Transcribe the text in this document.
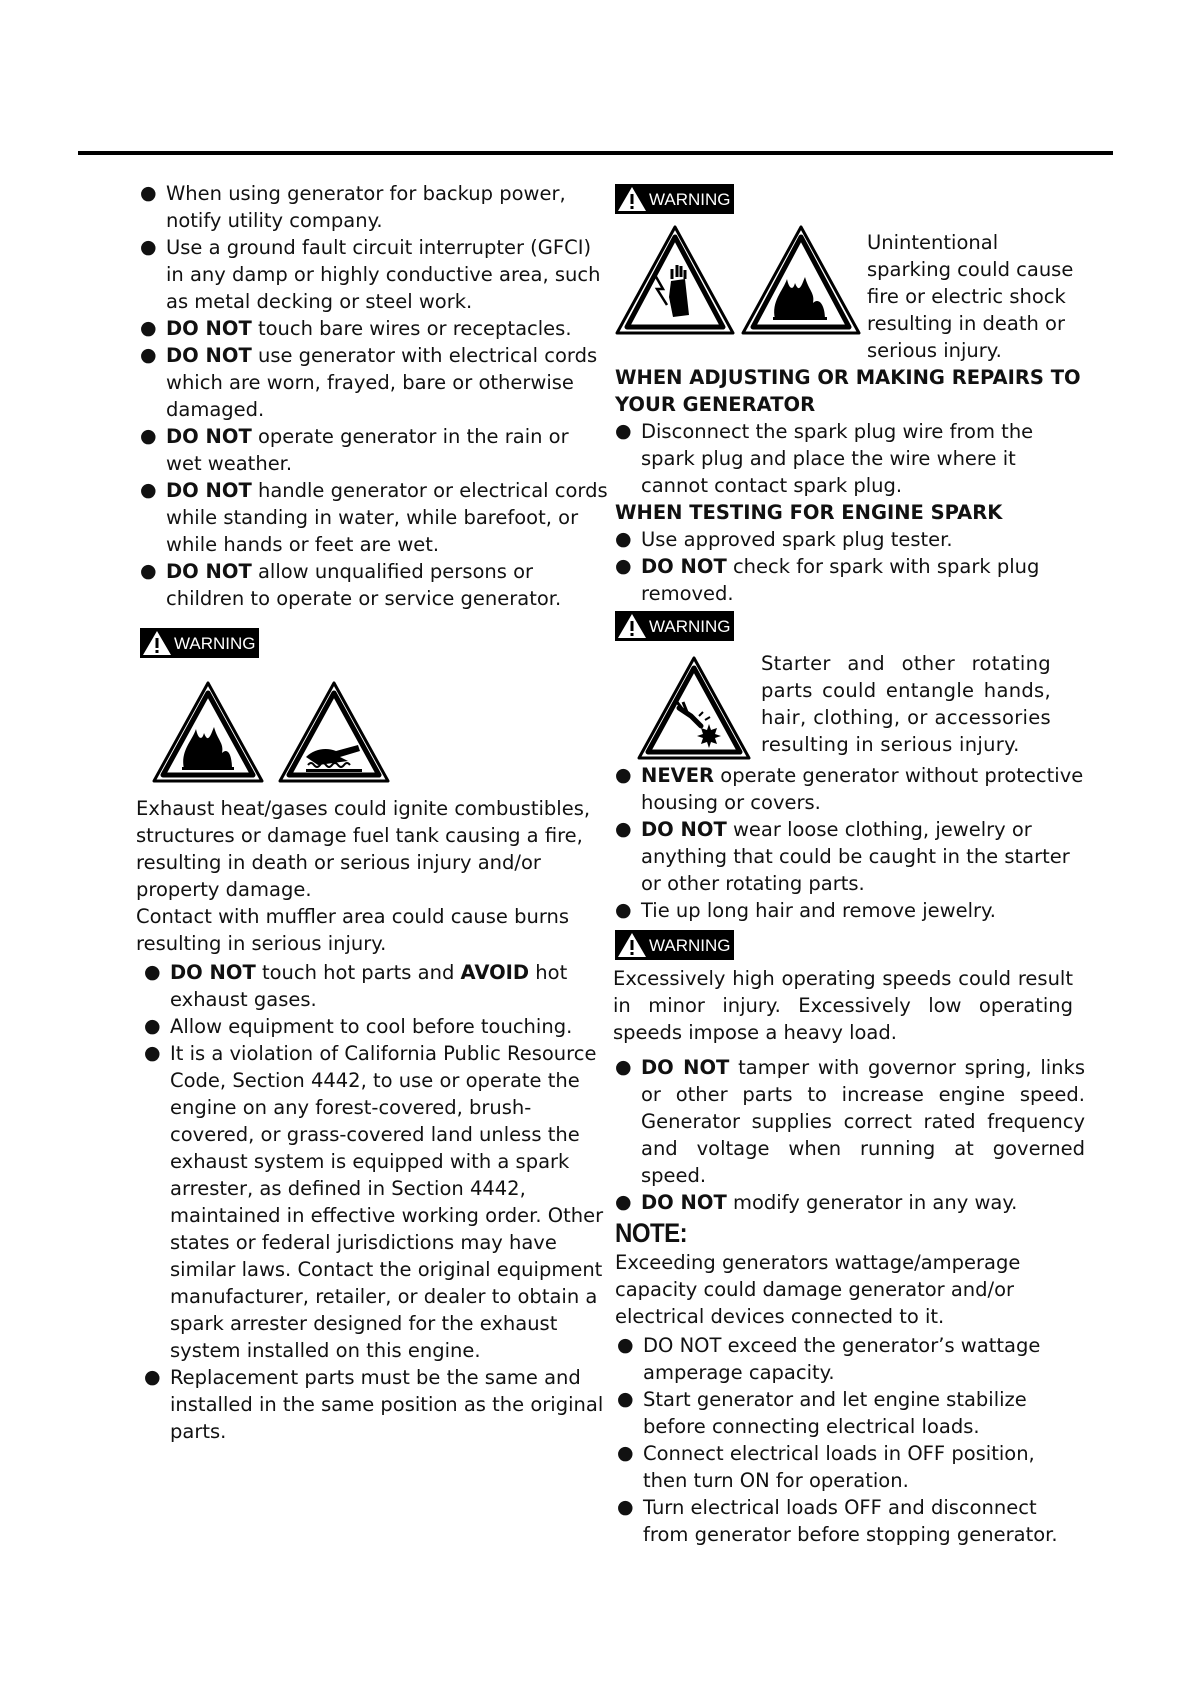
● When using generator for backup power, notify utility company.

● Use a ground fault circuit interrupter (GFCI) in any damp or highly conductive area, such as metal decking or steel work.

● DO NOT touch bare wires or receptacles.

● DO NOT use generator with electrical cords which are worn, frayed, bare or otherwise damaged.

● DO NOT operate generator in the rain or wet weather.

● DO NOT handle generator or electrical cords while standing in water, while barefoot, or while hands or feet are wet.

● DO NOT allow unqualified persons or children to operate or service generator.

WARNING

Exhaust heat/gases could ignite combustibles, structures or damage fuel tank causing a fire, resulting in death or serious injury and/or property damage.

Contact with muffler area could cause burns resulting in serious injury.

● DO NOT touch hot parts and AVOID hot exhaust gases.

● Allow equipment to cool before touching.

● It is a violation of California Public Resource Code, Section 4442, to use or operate the engine on any forest-covered, brush-covered, or grass-covered land unless the exhaust system is equipped with a spark arrester, as defined in Section 4442, maintained in effective working order. Other states or federal jurisdictions may have similar laws. Contact the original equipment manufacturer, retailer, or dealer to obtain a spark arrester designed for the exhaust system installed on this engine.

● Replacement parts must be the same and installed in the same position as the original parts.

WARNING

Unintentional sparking could cause fire or electric shock resulting in death or serious injury.

WHEN ADJUSTING OR MAKING REPAIRS TO YOUR GENERATOR

● Disconnect the spark plug wire from the spark plug and place the wire where it cannot contact spark plug.

WHEN TESTING FOR ENGINE SPARK

● Use approved spark plug tester.

● DO NOT check for spark with spark plug removed.

WARNING

Starter and other rotating parts could entangle hands, hair, clothing, or accessories resulting in serious injury.

● NEVER operate generator without protective housing or covers.

● DO NOT wear loose clothing, jewelry or anything that could be caught in the starter or other rotating parts.

● Tie up long hair and remove jewelry.

WARNING

Excessively high operating speeds could result in minor injury. Excessively low operating speeds impose a heavy load.

● DO NOT tamper with governor spring, links or other parts to increase engine speed. Generator supplies correct rated frequency and voltage when running at governed speed.

● DO NOT modify generator in any way.

NOTE:

Exceeding generators wattage/amperage capacity could damage generator and/or electrical devices connected to it.

● DO NOT exceed the generator’s wattage amperage capacity.

● Start generator and let engine stabilize before connecting electrical loads.

● Connect electrical loads in OFF position, then turn ON for operation.

● Turn electrical loads OFF and disconnect from generator before stopping generator.
